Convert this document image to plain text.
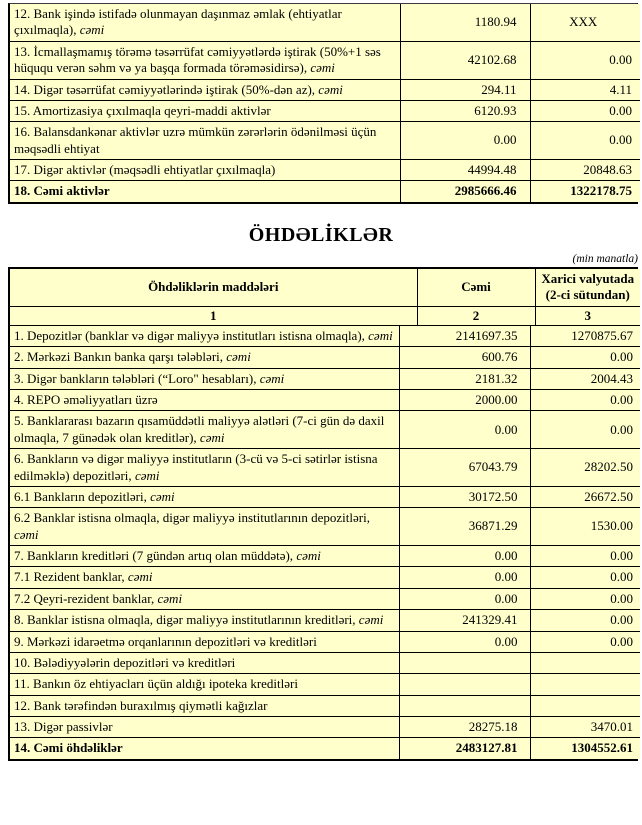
12. Bank işində istifadə olunmayan daşınmaz əmlak (ehtiyatlar çıxılmaqla), cəmi	1180.94	XXX
13. İcmallaşmamış törəmə təsərrüfat cəmiyyətlərdə iştirak (50%+1 səs hüququ verən səhm və ya başqa formada törəməsidirsə), cəmi	42102.68	0.00
14. Digər təsərrüfat cəmiyyətlərində iştirak (50%-dən az), cəmi	294.11	4.11
15. Amortizasiya çıxılmaqla qeyri-maddi aktivlər	6120.93	0.00
16. Balansdankənar aktivlər uzrə mümkün zərərlərin ödənilməsi üçün məqsədli ehtiyat	0.00	0.00
17. Digər aktivlər (məqsədli ehtiyatlar çıxılmaqla)	44994.48	20848.63
18. Cəmi aktivlər	2985666.46	1322178.75
ÖHDƏLİKLƏR
(min manatla)
Öhdəliklərin maddələri	Cəmi	Xarici valyutada (2-ci sütundan)
1	2	3
1. Depozitlər (banklar və digər maliyyə institutları istisna olmaqla), cəmi	2141697.35	1270875.67
2. Mərkəzi Bankın banka qarşı tələbləri, cəmi	600.76	0.00
3. Digər bankların tələbləri (“Loro" hesabları), cəmi	2181.32	2004.43
4. REPO əməliyyatları üzrə	2000.00	0.00
5. Banklararası bazarın qısamüddətli maliyyə alətləri (7-ci gün də daxil olmaqla, 7 günədək olan kreditlər), cəmi	0.00	0.00
6. Bankların və digər maliyyə institutların (3-cü və 5-ci sətirlər istisna edilməklə) depozitləri, cəmi	67043.79	28202.50
6.1 Bankların depozitləri, cəmi	30172.50	26672.50
6.2 Banklar istisna olmaqla, digər maliyyə institutlarının depozitləri, cəmi	36871.29	1530.00
7. Bankların kreditləri (7 gündən artıq olan müddətə), cəmi	0.00	0.00
7.1 Rezident banklar, cəmi	0.00	0.00
7.2 Qeyri-rezident banklar, cəmi	0.00	0.00
8. Banklar istisna olmaqla, digər maliyyə institutlarının kreditləri, cəmi	241329.41	0.00
9. Mərkəzi idarəetmə orqanlarının depozitləri və kreditləri	0.00	0.00
10. Bələdiyyələrin depozitləri və kreditləri		
11. Bankın öz ehtiyacları üçün aldığı ipoteka kreditləri		
12. Bank tərəfindən buraxılmış qiymətli kağızlar		
13. Digər passivlər	28275.18	3470.01
14. Cəmi öhdəliklər	2483127.81	1304552.61
